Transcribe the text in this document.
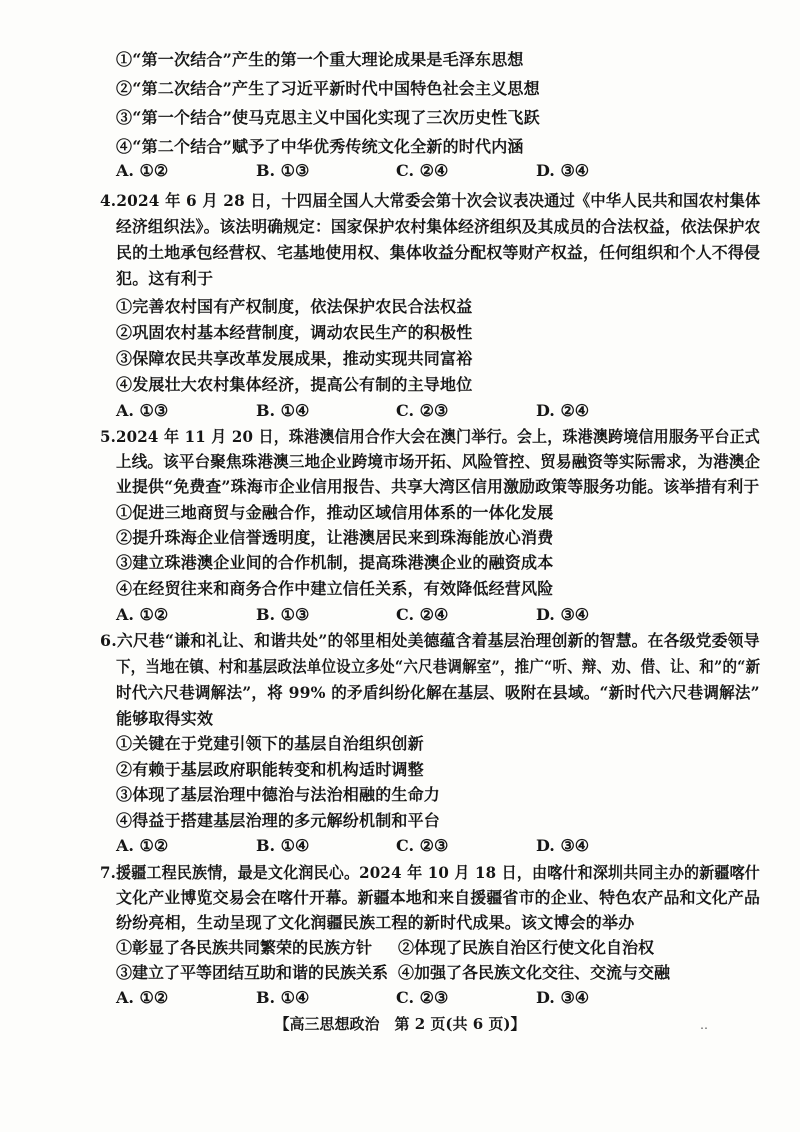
①“第一次结合”产生的第一个重大理论成果是毛泽东思想
②“第二次结合”产生了习近平新时代中国特色社会主义思想
③“第一个结合”使马克思主义中国化实现了三次历史性飞跃
④“第二个结合”赋予了中华优秀传统文化全新的时代内涵
A. ①②	B. ①③	C. ②④	D. ③④
4.2024 年 6 月 28 日，十四届全国人大常委会第十次会议表决通过《中华人民共和国农村集体
经济组织法》。该法明确规定：国家保护农村集体经济组织及其成员的合法权益，依法保护农
民的土地承包经营权、宅基地使用权、集体收益分配权等财产权益，任何组织和个人不得侵
犯。这有利于
①完善农村国有产权制度，依法保护农民合法权益
②巩固农村基本经营制度，调动农民生产的积极性
③保障农民共享改革发展成果，推动实现共同富裕
④发展壮大农村集体经济，提高公有制的主导地位
A. ①③	B. ①④	C. ②③	D. ②④
5.2024 年 11 月 20 日，珠港澳信用合作大会在澳门举行。会上，珠港澳跨境信用服务平台正式
上线。该平台聚焦珠港澳三地企业跨境市场开拓、风险管控、贸易融资等实际需求，为港澳企
业提供“免费查”珠海市企业信用报告、共享大湾区信用激励政策等服务功能。该举措有利于
①促进三地商贸与金融合作，推动区域信用体系的一体化发展
②提升珠海企业信誉透明度，让港澳居民来到珠海能放心消费
③建立珠港澳企业间的合作机制，提高珠港澳企业的融资成本
④在经贸往来和商务合作中建立信任关系，有效降低经营风险
A. ①②	B. ①③	C. ②④	D. ③④
6.六尺巷“谦和礼让、和谐共处”的邻里相处美德蕴含着基层治理创新的智慧。在各级党委领导
下，当地在镇、村和基层政法单位设立多处“六尺巷调解室”，推广“听、辩、劝、借、让、和”的“新
时代六尺巷调解法”，将 99% 的矛盾纠纷化解在基层、吸附在县域。“新时代六尺巷调解法”
能够取得实效
①关键在于党建引领下的基层自治组织创新
②有赖于基层政府职能转变和机构适时调整
③体现了基层治理中德治与法治相融的生命力
④得益于搭建基层治理的多元解纷机制和平台
A. ①②	B. ①④	C. ②③	D. ③④
7.援疆工程民族情，最是文化润民心。2024 年 10 月 18 日，由喀什和深圳共同主办的新疆喀什
文化产业博览交易会在喀什开幕。新疆本地和来自援疆省市的企业、特色农产品和文化产品
纷纷亮相，生动呈现了文化润疆民族工程的新时代成果。该文博会的举办
①彰显了各民族共同繁荣的民族方针 ②体现了民族自治区行使文化自治权
③建立了平等团结互助和谐的民族关系 ④加强了各民族文化交往、交流与交融
A. ①②	B. ①④	C. ②③	D. ③④
【高三思想政治　第 2 页(共 6 页)】	‥
